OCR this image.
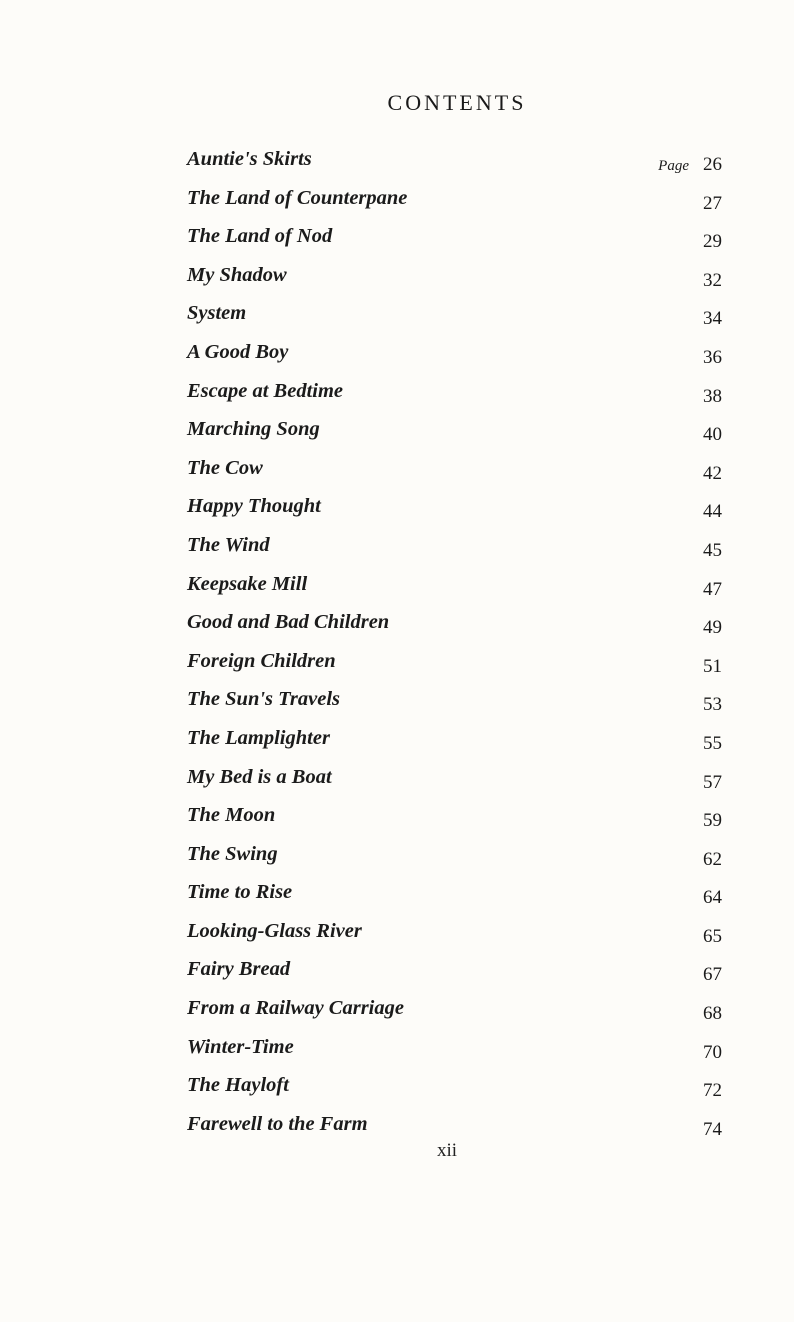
CONTENTS
Auntie's Skirts	Page 26
The Land of Counterpane	27
The Land of Nod	29
My Shadow	32
System	34
A Good Boy	36
Escape at Bedtime	38
Marching Song	40
The Cow	42
Happy Thought	44
The Wind	45
Keepsake Mill	47
Good and Bad Children	49
Foreign Children	51
The Sun's Travels	53
The Lamplighter	55
My Bed is a Boat	57
The Moon	59
The Swing	62
Time to Rise	64
Looking-Glass River	65
Fairy Bread	67
From a Railway Carriage	68
Winter-Time	70
The Hayloft	72
Farewell to the Farm	74
xii
